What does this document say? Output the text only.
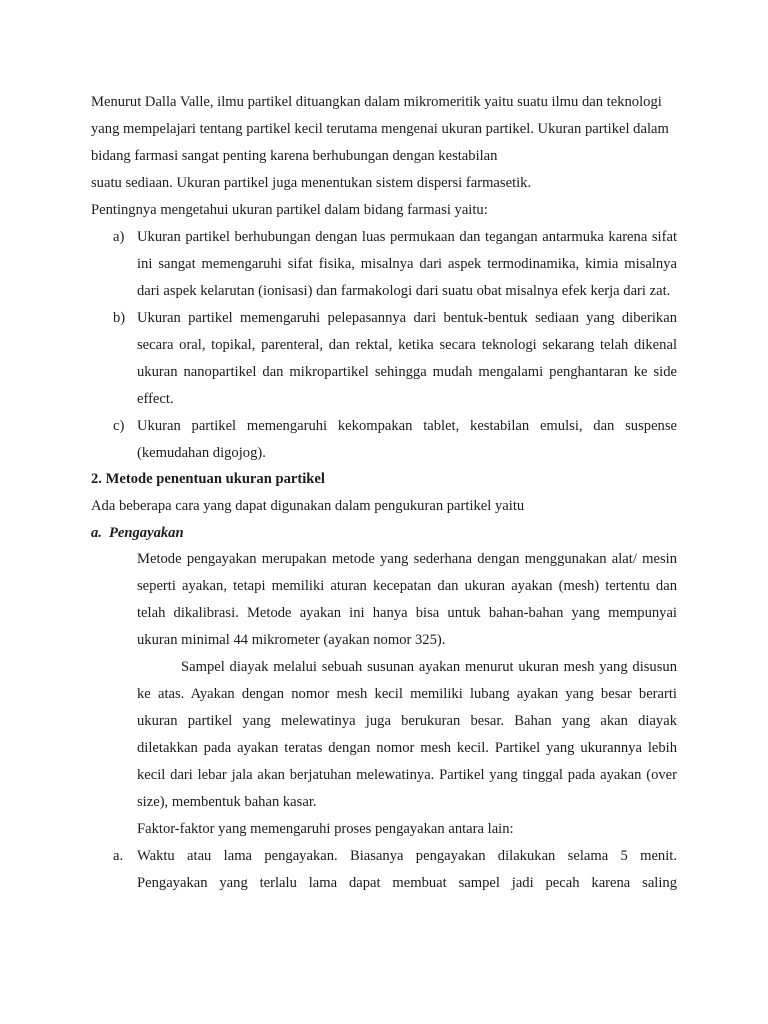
Menurut Dalla Valle, ilmu partikel dituangkan dalam mikromeritik yaitu suatu ilmu dan teknologi
yang mempelajari tentang partikel kecil terutama mengenai ukuran partikel. Ukuran partikel dalam
bidang farmasi sangat penting karena berhubungan dengan kestabilan
suatu sediaan. Ukuran partikel juga menentukan sistem dispersi farmasetik.
Pentingnya mengetahui ukuran partikel dalam bidang farmasi yaitu:
a) Ukuran partikel berhubungan dengan luas permukaan dan tegangan antarmuka karena sifat
ini sangat memengaruhi sifat fisika, misalnya dari aspek termodinamika, kimia misalnya
dari aspek kelarutan (ionisasi) dan farmakologi dari suatu obat misalnya efek kerja dari zat.
b) Ukuran partikel memengaruhi pelepasannya dari bentuk-bentuk sediaan yang diberikan
secara oral, topikal, parenteral, dan rektal, ketika secara teknologi sekarang telah dikenal
ukuran nanopartikel dan mikropartikel sehingga mudah mengalami penghantaran ke side
effect.
c) Ukuran partikel memengaruhi kekompakan tablet, kestabilan emulsi, dan suspense
(kemudahan digojog).
2. Metode penentuan ukuran partikel
Ada beberapa cara yang dapat digunakan dalam pengukuran partikel yaitu
a. Pengayakan
Metode pengayakan merupakan metode yang sederhana dengan menggunakan alat/ mesin
seperti ayakan, tetapi memiliki aturan kecepatan dan ukuran ayakan (mesh) tertentu dan
telah dikalibrasi. Metode ayakan ini hanya bisa untuk bahan-bahan yang mempunyai
ukuran minimal 44 mikrometer (ayakan nomor 325).
Sampel diayak melalui sebuah susunan ayakan menurut ukuran mesh yang disusun
ke atas. Ayakan dengan nomor mesh kecil memiliki lubang ayakan yang besar berarti
ukuran partikel yang melewatinya juga berukuran besar. Bahan yang akan diayak
diletakkan pada ayakan teratas dengan nomor mesh kecil. Partikel yang ukurannya lebih
kecil dari lebar jala akan berjatuhan melewatinya. Partikel yang tinggal pada ayakan (over
size), membentuk bahan kasar.
Faktor-faktor yang memengaruhi proses pengayakan antara lain:
a. Waktu atau lama pengayakan. Biasanya pengayakan dilakukan selama 5 menit.
Pengayakan yang terlalu lama dapat membuat sampel jadi pecah karena saling
